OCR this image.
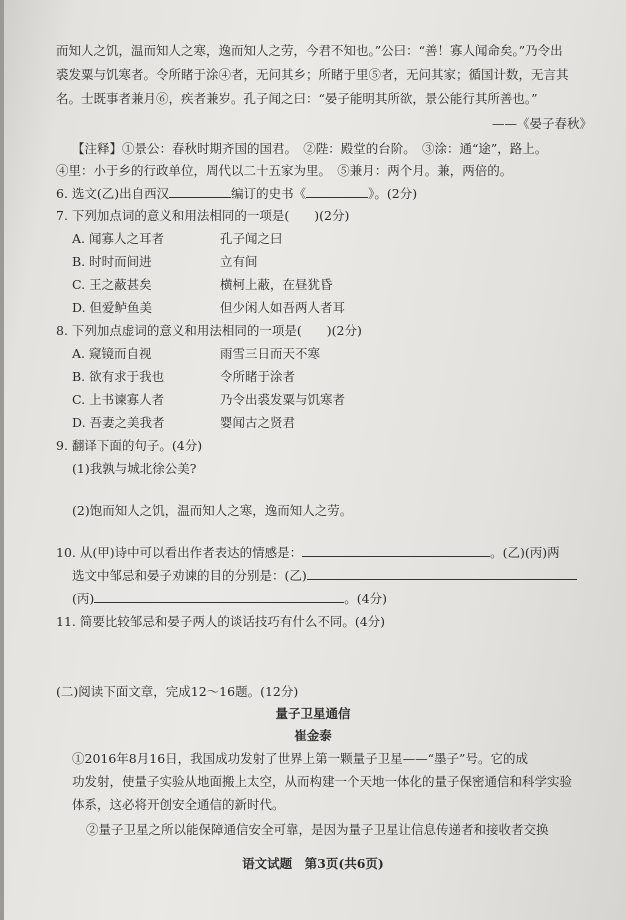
而知人之饥，温而知人之寒，逸而知人之劳，今君不知也。”公曰：“善！寡人闻命矣。”乃令出
裘发粟与饥寒者。令所睹于涂④者，无问其乡；所睹于里⑤者，无问其家；循国计数，无言其
名。士既事者兼月⑥，疾者兼岁。孔子闻之曰：“晏子能明其所欲，景公能行其所善也。”
——《晏子春秋》
【注释】①景公：春秋时期齐国的国君。　②陛：殿堂的台阶。　③涂：通“途”，路上。
④里：小于乡的行政单位，周代以二十五家为里。　⑤兼月：两个月。兼，两倍的。
6. 选文(乙)出自西汉	编订的史书《	》。(2分)
7. 下列加点词的意义和用法相同的一项是(　　)(2分)
A. 闻寡人之耳者	孔子闻之曰
B. 时时而间进	立有间
C. 王之蔽甚矣	横柯上蔽，在昼犹昏
D. 但爱鲈鱼美	但少闲人如吾两人者耳
8. 下列加点虚词的意义和用法相同的一项是(　　)(2分)
A. 窥镜而自视	雨雪三日而天不寒
B. 欲有求于我也	令所睹于涂者
C. 上书谏寡人者	乃令出裘发粟与饥寒者
D. 吾妻之美我者	婴闻古之贤君
9. 翻译下面的句子。(4分)
(1)我孰与城北徐公美?
(2)饱而知人之饥，温而知人之寒，逸而知人之劳。
10. 从(甲)诗中可以看出作者表达的情感是：	。(乙)(丙)两
选文中邹忌和晏子劝谏的目的分别是：(乙)
(丙)	。(4分)
11. 简要比较邹忌和晏子两人的谈话技巧有什么不同。(4分)
(二)阅读下面文章，完成12～16题。(12分)
量子卫星通信
崔金泰
①2016年8月16日，我国成功发射了世界上第一颗量子卫星——“墨子”号。它的成
功发射，使量子实验从地面搬上太空，从而构建一个天地一体化的量子保密通信和科学实验
体系，这必将开创安全通信的新时代。
②量子卫星之所以能保障通信安全可靠，是因为量子卫星让信息传递者和接收者交换
语文试题　第3页(共6页)
